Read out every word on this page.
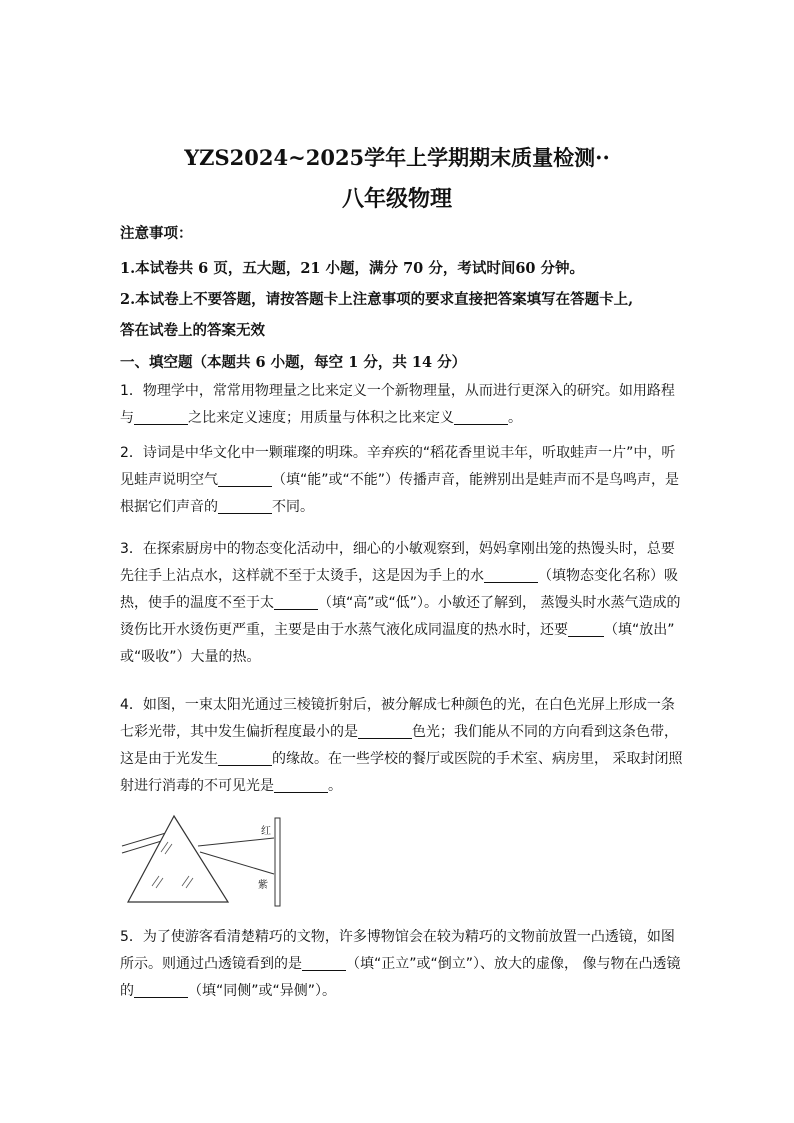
YZS2024~2025学年上学期期末质量检测··
八年级物理
注意事项：
1.本试卷共 6 页，五大题，21 小题，满分 70 分，考试时间60 分钟。
2.本试卷上不要答题，请按答题卡上注意事项的要求直接把答案填写在答题卡上,
答在试卷上的答案无效
一、填空题（本题共 6 小题，每空 1 分，共 14 分）
1．物理学中，常常用物理量之比来定义一个新物理量，从而进行更深入的研究。如用路程
与	之比来定义速度；用质量与体积之比来定义	。
2．诗词是中华文化中一颗璀璨的明珠。辛弃疾的“稻花香里说丰年，听取蛙声一片”中，听
见蛙声说明空气	（填“能”或“不能”）传播声音，能辨别出是蛙声而不是鸟鸣声，是
根据它们声音的	不同。
3．在探索厨房中的物态变化活动中，细心的小敏观察到，妈妈拿刚出笼的热馒头时，总要
先往手上沾点水，这样就不至于太烫手，这是因为手上的水	（填物态变化名称）吸
热，使手的温度不至于太	（填“高”或“低”）。小敏还了解到， 蒸馒头时水蒸气造成的
烫伤比开水烫伤更严重，主要是由于水蒸气液化成同温度的热水时，还要	（填“放出”
或“吸收”）大量的热。
4．如图，一束太阳光通过三棱镜折射后，被分解成七种颜色的光，在白色光屏上形成一条
七彩光带，其中发生偏折程度最小的是	色光；我们能从不同的方向看到这条色带，
这是由于光发生	的缘故。在一些学校的餐厅或医院的手术室、病房里， 采取封闭照
射进行消毒的不可见光是	。
红
紫
5．为了使游客看清楚精巧的文物，许多博物馆会在较为精巧的文物前放置一凸透镜，如图
所示。则通过凸透镜看到的是	（填“正立”或“倒立”）、放大的虚像， 像与物在凸透镜
的	（填“同侧”或“异侧”）。
